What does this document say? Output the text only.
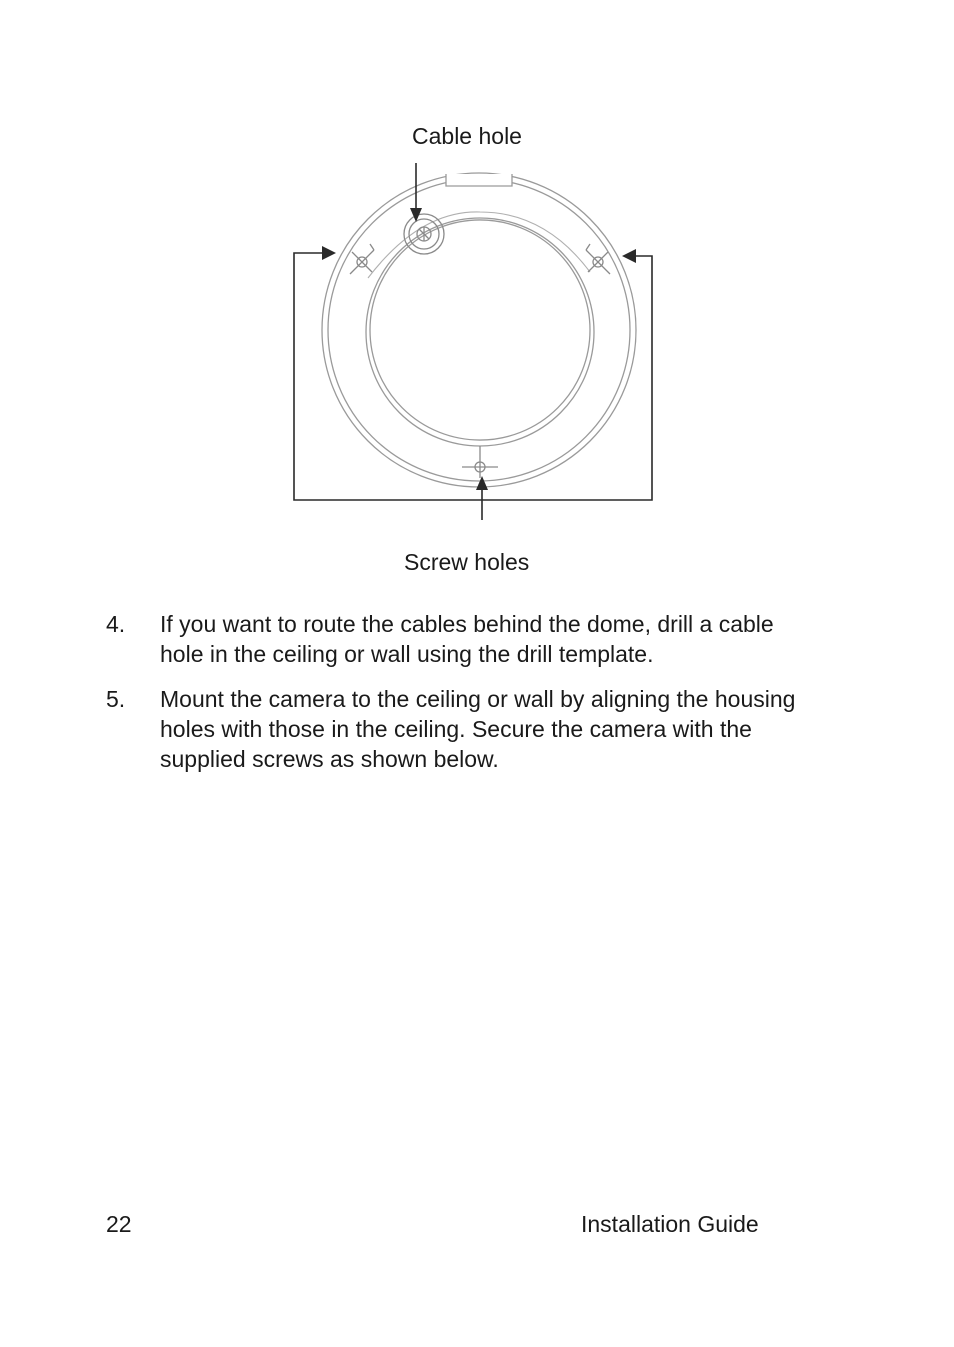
Cable hole
Screw holes
4. If you want to route the cables behind the dome, drill a cable hole in the ceiling or wall using the drill template.
5. Mount the camera to the ceiling or wall by aligning the housing holes with those in the ceiling. Secure the camera with the supplied screws as shown below.
22	Installation Guide
